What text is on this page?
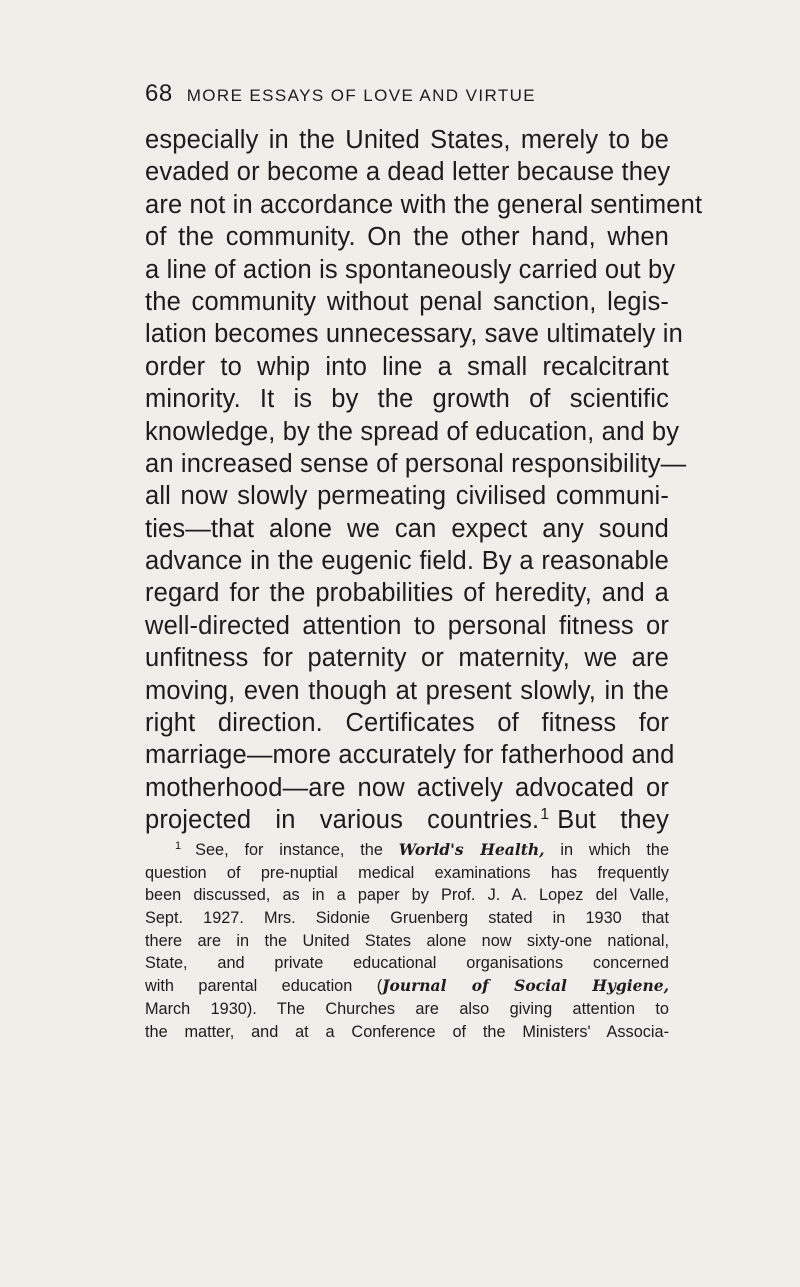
68 MORE ESSAYS OF LOVE AND VIRTUE
especially in the United States, merely to be
evaded or become a dead letter because they
are not in accordance with the general sentiment
of the community. On the other hand, when
a line of action is spontaneously carried out by
the community without penal sanction, legis-
lation becomes unnecessary, save ultimately in
order to whip into line a small recalcitrant
minority. It is by the growth of scientific
knowledge, by the spread of education, and by
an increased sense of personal responsibility—
all now slowly permeating civilised communi-
ties—that alone we can expect any sound
advance in the eugenic field. By a reasonable
regard for the probabilities of heredity, and a
well-directed attention to personal fitness or
unfitness for paternity or maternity, we are
moving, even though at present slowly, in the
right direction. Certificates of fitness for
marriage—more accurately for fatherhood and
motherhood—are now actively advocated or
projected in various countries.$^1$ But they
$^1$ See, for instance, the World's Health, in which the
question of pre-nuptial medical examinations has frequently
been discussed, as in a paper by Prof. J. A. Lopez del Valle,
Sept. 1927. Mrs. Sidonie Gruenberg stated in 1930 that
there are in the United States alone now sixty-one national,
State, and private educational organisations concerned
with parental education (Journal of Social Hygiene,
March 1930). The Churches are also giving attention to
the matter, and at a Conference of the Ministers' Associa-
